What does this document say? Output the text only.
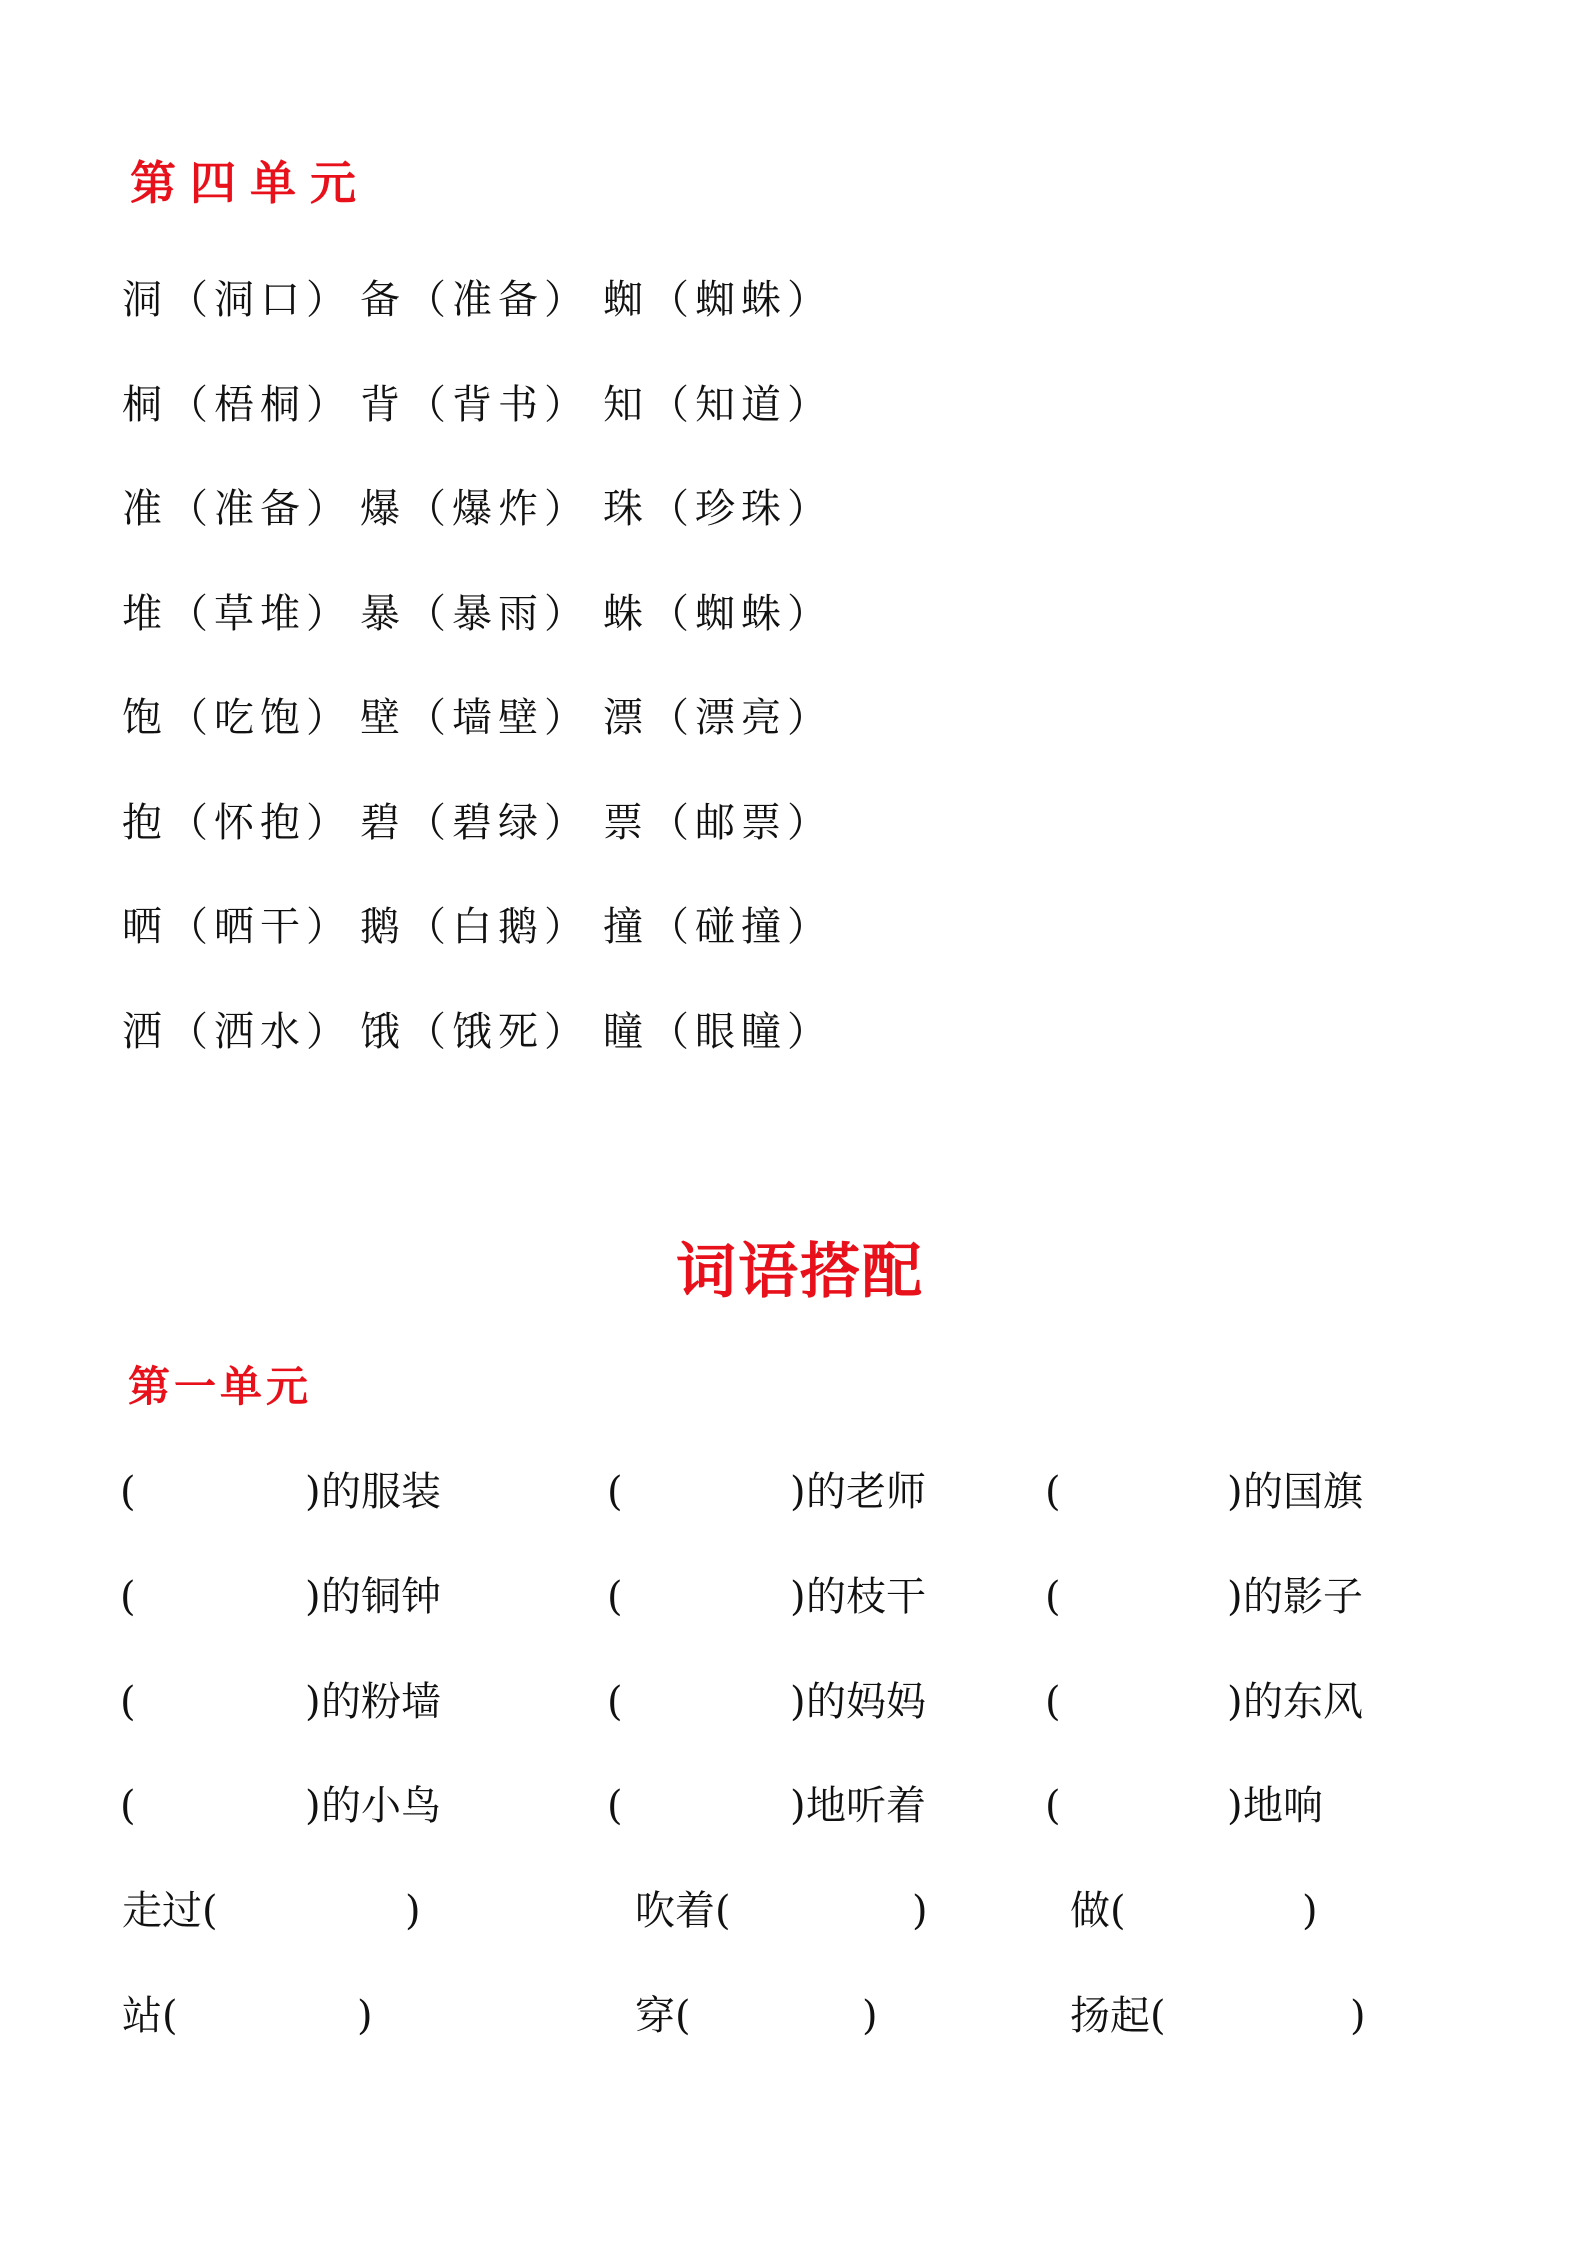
第四单元
洞 （洞口） 备 （准备） 蜘 （蜘蛛）
桐 （梧桐） 背 （背书） 知 （知道）
准 （准备） 爆 （爆炸） 珠 （珍珠）
堆 （草堆） 暴 （暴雨） 蛛 （蜘蛛）
饱 （吃饱） 壁 （墙壁） 漂 （漂亮）
抱 （怀抱） 碧 （碧绿） 票 （邮票）
晒 （晒干） 鹅 （白鹅） 撞 （碰撞）
洒 （洒水） 饿 （饿死） 瞳 （眼瞳）
词语搭配
第一单元
(	) 的服装	(	) 的老师	(	) 的国旗
(	) 的铜钟	(	) 的枝干	(	) 的影子
(	) 的粉墙	(	) 的妈妈	(	) 的东风
(	) 的小鸟	(	) 地听着	(	) 地响
走过 (	)	吹着 (	)	做 (	)
站 (	)	穿 (	)	扬起 (	)
